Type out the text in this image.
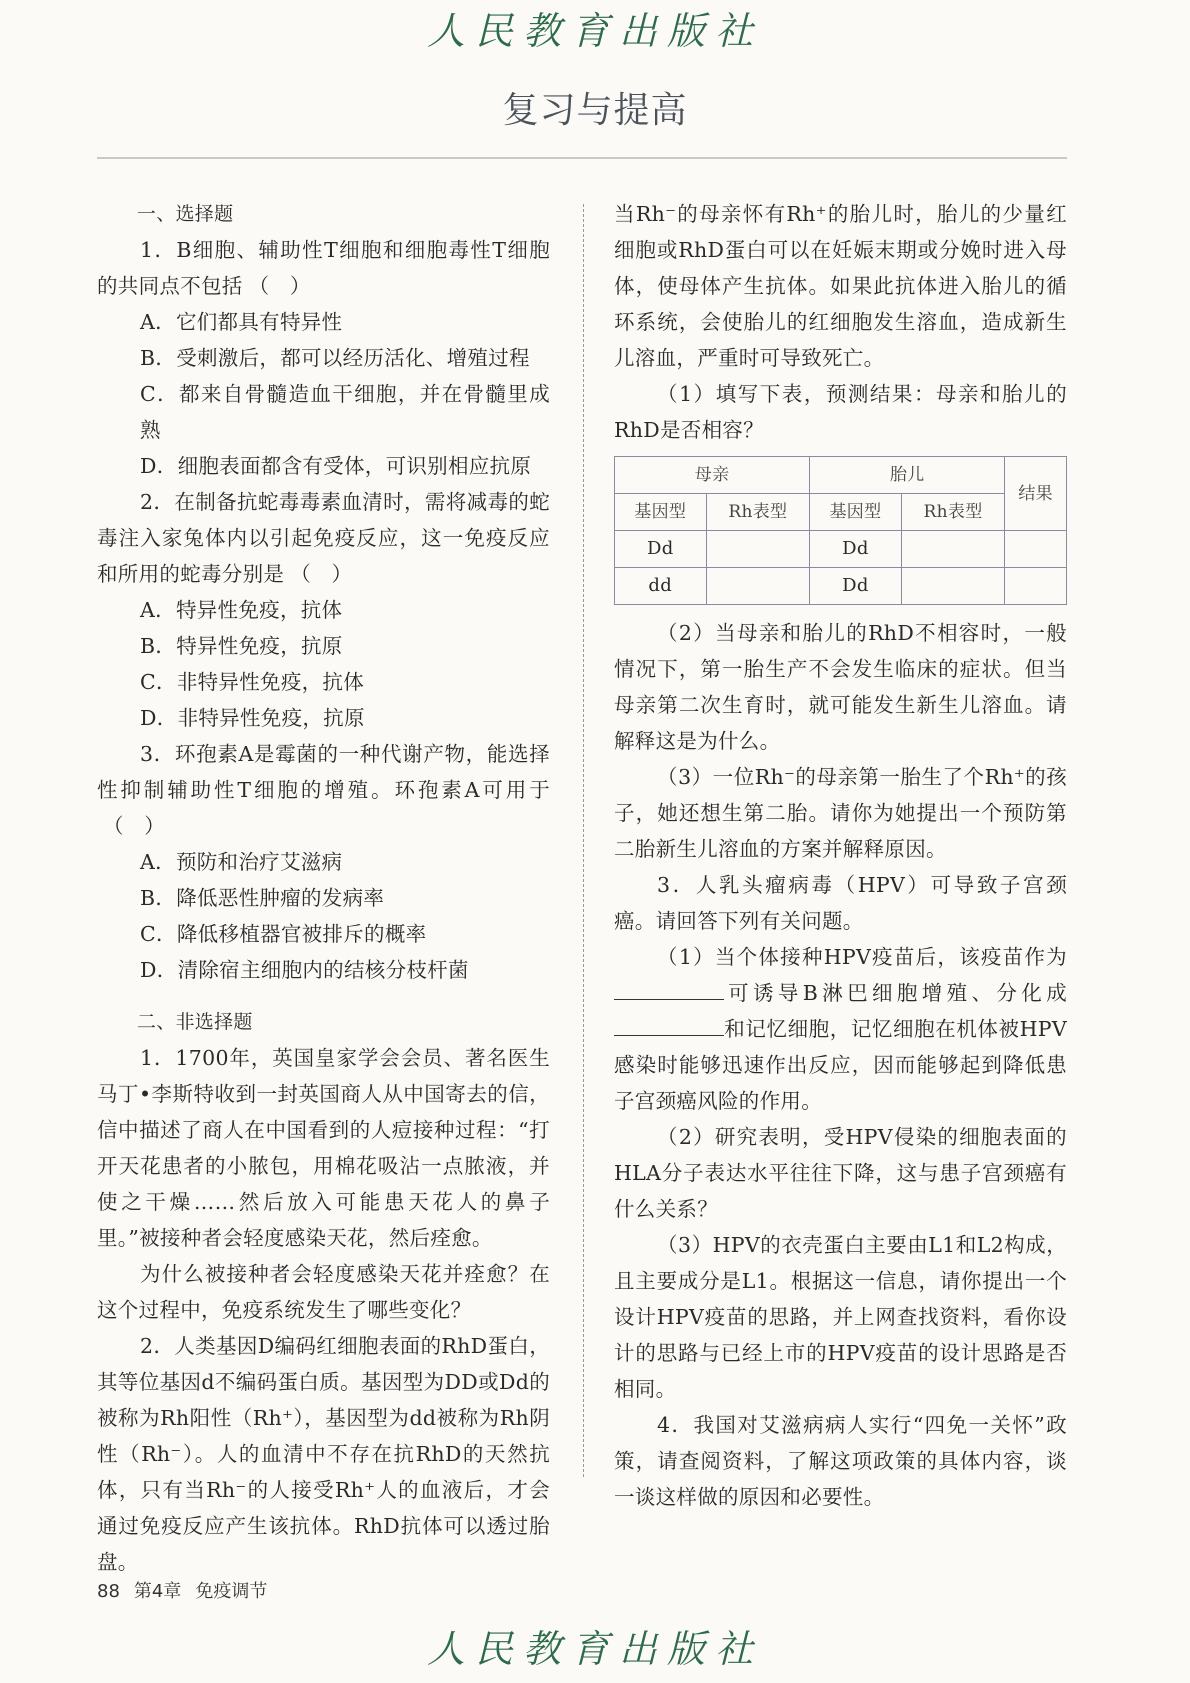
人民教育出版社
复习与提高

一、选择题

1．B细胞、辅助性T细胞和细胞毒性T细胞的共同点不包括 （   ）

A．它们都具有特异性

B．受刺激后，都可以经历活化、增殖过程

C．都来自骨髓造血干细胞，并在骨髓里成熟

D．细胞表面都含有受体，可识别相应抗原

2．在制备抗蛇毒毒素血清时，需将减毒的蛇毒注入家兔体内以引起免疫反应，这一免疫反应和所用的蛇毒分别是 （   ）

A．特异性免疫，抗体

B．特异性免疫，抗原

C．非特异性免疫，抗体

D．非特异性免疫，抗原

3．环孢素A是霉菌的一种代谢产物，能选择性抑制辅助性T细胞的增殖。环孢素A可用于（   ）

A．预防和治疗艾滋病

B．降低恶性肿瘤的发病率

C．降低移植器官被排斥的概率

D．清除宿主细胞内的结核分枝杆菌

二、非选择题

1．1700年，英国皇家学会会员、著名医生马丁•李斯特收到一封英国商人从中国寄去的信，信中描述了商人在中国看到的人痘接种过程：“打开天花患者的小脓包，用棉花吸沾一点脓液，并使之干燥……然后放入可能患天花人的鼻子里。”被接种者会轻度感染天花，然后痊愈。

为什么被接种者会轻度感染天花并痊愈？在这个过程中，免疫系统发生了哪些变化？

2．人类基因D编码红细胞表面的RhD蛋白，其等位基因d不编码蛋白质。基因型为DD或Dd的被称为Rh阳性（Rh⁺），基因型为dd被称为Rh阴性（Rh⁻）。人的血清中不存在抗RhD的天然抗体，只有当Rh⁻的人接受Rh⁺人的血液后，才会通过免疫反应产生该抗体。RhD抗体可以透过胎盘。

当Rh⁻的母亲怀有Rh⁺的胎儿时，胎儿的少量红细胞或RhD蛋白可以在妊娠末期或分娩时进入母体，使母体产生抗体。如果此抗体进入胎儿的循环系统，会使胎儿的红细胞发生溶血，造成新生儿溶血，严重时可导致死亡。

（1）填写下表，预测结果：母亲和胎儿的RhD是否相容？

母亲		胎儿		结果
基因型	Rh表型	基因型	Rh表型	
Dd		Dd		
dd		Dd		

（2）当母亲和胎儿的RhD不相容时，一般情况下，第一胎生产不会发生临床的症状。但当母亲第二次生育时，就可能发生新生儿溶血。请解释这是为什么。

（3）一位Rh⁻的母亲第一胎生了个Rh⁺的孩子，她还想生第二胎。请你为她提出一个预防第二胎新生儿溶血的方案并解释原因。

3．人乳头瘤病毒（HPV）可导致子宫颈癌。请回答下列有关问题。

（1）当个体接种HPV疫苗后，该疫苗作为可诱导B淋巴细胞增殖、分化成和记忆细胞，记忆细胞在机体被HPV感染时能够迅速作出反应，因而能够起到降低患子宫颈癌风险的作用。

（2）研究表明，受HPV侵染的细胞表面的HLA分子表达水平往往下降，这与患子宫颈癌有什么关系？

（3）HPV的衣壳蛋白主要由L1和L2构成，且主要成分是L1。根据这一信息，请你提出一个设计HPV疫苗的思路，并上网查找资料，看你设计的思路与已经上市的HPV疫苗的设计思路是否相同。

4．我国对艾滋病病人实行“四免一关怀”政策，请查阅资料，了解这项政策的具体内容，谈一谈这样做的原因和必要性。

88 第4章 免疫调节
人民教育出版社
